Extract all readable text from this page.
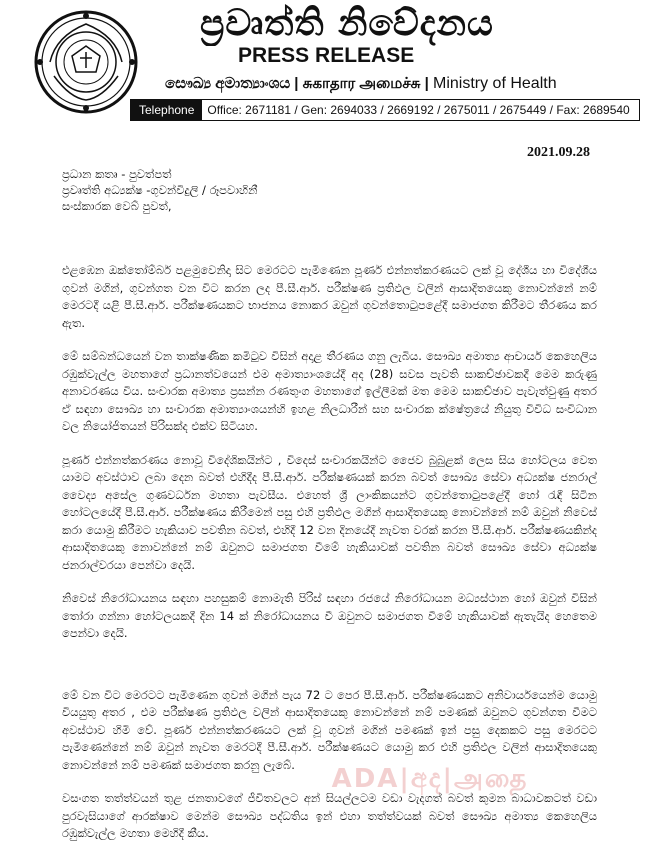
ප්‍රවෘත්ති නිවේදනය
PRESS RELEASE
සෞඛ්‍ය අමාත්‍යාංශය | சுகாதார அமைச்சு | Ministry of Health
Telephone	Office: 2671181 / Gen: 2694033 / 2669192 / 2675011 / 2675449 / Fax: 2689540
2021.09.28
ප්‍රධාන කතෘ - පුවත්පත්
ප්‍රවෘත්ති අධ්‍යක්ෂ -ගුවන්විදුලි / රූපවාහිනී
සංස්කාරක වෙබ් පුවත්,

එළඹෙන ඔක්තෝම්බර් පළමුවෙනිදා සිට මෙරටට පැමිණෙන පූර්ණ එන්නත්කරණයට ලක් වූ දේශීය හා විදේශීය ගුවන් මගින්, ගුවන්ගත වන විට කරන ලද පී.සී.ආර්. පරීක්ෂණ ප්‍රතිඵල වලින් ආසාදිතයෙකු නොවන්නේ නම් මෙරටදී යළි පී.සී.ආර්. පරීක්ෂණයකට භාජනය නොකර ඔවුන් ගුවන්තොටුපළේදී සමාජගත කිරීමට තීරණය කර ඇත.

මේ සම්බන්ධයෙන් වන තාක්ෂණික කමිටුව විසින් අදාළ තීරණය ගනු ලැබිය. සෞඛ්‍ය අමාත්‍ය ආචාර්ය කෙහෙලිය රඹුක්වැල්ල මහතාගේ ප්‍රධානත්වයෙන් එම අමාත්‍යාංශයේදී අද (28) සවස පැවති සාකච්ඡාවකදී මෙම කරුණු අනාවරණය විය. සංචාරක අමාත්‍ය ප්‍රසන්න රණතුංග මහතාගේ ඉල්ලීමක් මත මෙම සාකච්ඡාව පැවැත්වුණු අතර ඒ සඳහා සෞඛ්‍ය හා සංචාරක අමාත්‍යාංශයන්හි ඉහළ නිලධාරීන් සහ සංචාරක ක්ෂේත්‍රයේ නියුතු විවිධ සංවිධාන වල නියෝජිතයන් පිරිසක්ද එක්ව සිටියහ.

පූර්ණ එන්නත්කරණය නොවූ විදේශිකයින්ට , විදෙස් සංචාරකයින්ට ජෛව බුබුළක් ලෙස සිය හෝටලය වෙත යාමට අවස්ථාව ලබා දෙන බවත් එහිදීද පී.සී.ආර්. පරීක්ෂණයක් කරන බවත් සෞඛ්‍ය සේවා අධ්‍යක්ෂ ජනරාල් වෛද්‍ය අසේල ගුණවර්ධන මහතා පැවසීය. එහෙත් ශ්‍රී ලාංකිකයන්ට ගුවන්තොටුපළේදී හෝ රැඳී සිටින හෝටලයේදී පී.සී.ආර්. පරීක්ෂණය කිරීමෙන් පසු එහි ප්‍රතිඵල මගින් ආසාදිතයෙකු නොවන්නේ නම් ඔවුන් නිවෙස් කරා යොමු කිරීමට හැකියාව පවතින බවත්, එහිදී 12 වන දිනයේදී නැවත වරක් කරන පී.සී.ආර්. පරීක්ෂණයකින්ද ආසාදිතයෙකු නොවන්නේ නම් ඔවුනට සමාජගත වීමේ හැකියාවක් පවතින බවත් සෞඛ්‍ය සේවා අධ්‍යක්ෂ ජනරාල්වරයා පෙන්වා දෙයි.

නිවෙස් නිරෝධායනය සඳහා පහසුකම් නොමැති පිරිස් සඳහා රජයේ නිරෝධායන මධ්‍යස්ථාන හෝ ඔවුන් විසින් තෝරා ගන්නා හෝටලයකදී දින 14 ක් නිරෝධායනය වී ඔවුනට සමාජගත වීමේ හැකියාවක් ඇතැයිද හෙතෙම පෙන්වා දෙයි.

මේ වන විට මෙරටට පැමිණෙන ගුවන් මගින් පැය 72 ට පෙර පී.සී.ආර්. පරීක්ෂණයකට අනිවාර්යයෙන්ම යොමු වියයුතු අතර , එම පරීක්ෂණ ප්‍රතිඵල වලින් ආසාදිතයෙකු නොවන්නේ නම් පමණක් ඔවුනට ගුවන්ගත වීමට අවස්ථාව හිමි වේ. පූර්ණ එන්නත්කරණයට ලක් වූ ගුවන් මගින් පමණක් ඉන් පසු දෙකකට පසු මෙරටට පැමිණෙන්නේ නම් ඔවුන් නැවත මෙරටදී පී.සී.ආර්. පරීක්ෂණයට යොමු කර එහි ප්‍රතිඵල වලින් ආසාදිතයෙකු නොවන්නේ නම් පමණක් සමාජගත කරනු ලැබේ.

වසංගත තත්ත්වයන් තුළ ජනතාවගේ ජීවිතවලට අන් සියල්ලටම වඩා වැදගත් බවත් කුමන බාධාවකටත් වඩා පුරවැසියාගේ ආරක්ෂාව මෙන්ම සෞඛ්‍ය පද්ධතිය ඉන් එහා තත්ත්වයක් බවත් සෞඛ්‍ය අමාත්‍ය කෙහෙලිය රඹුක්වැල්ල මහතා මෙහිදී කීය.

ADA|අද|அதை
